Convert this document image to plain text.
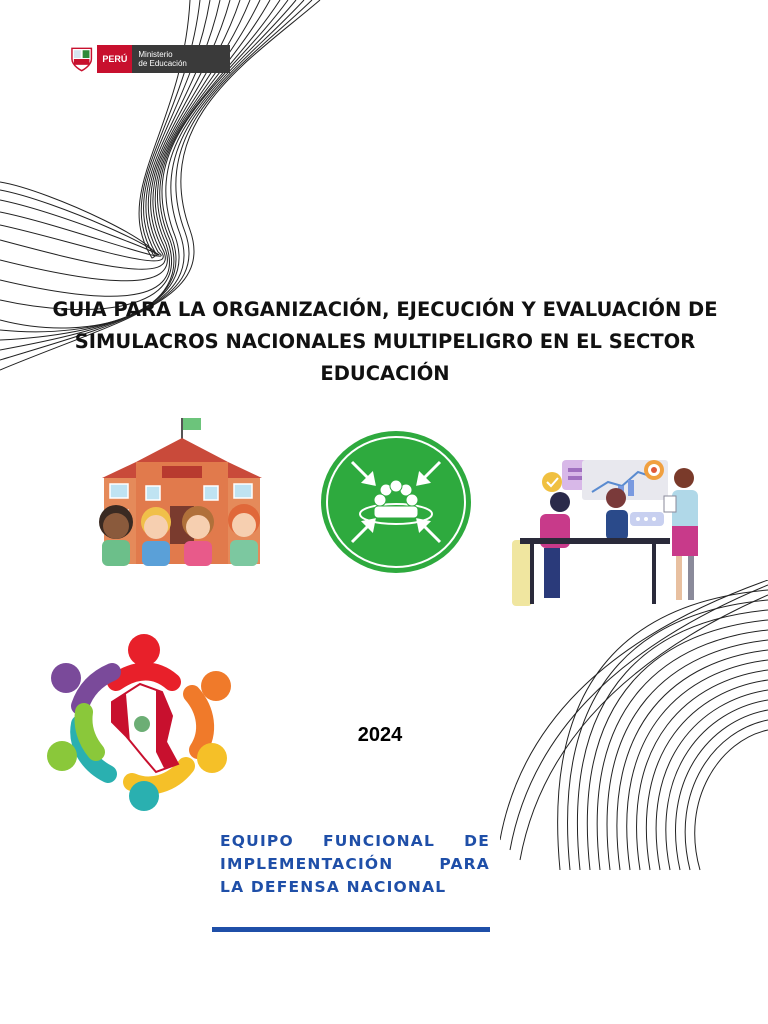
PERÚ	Ministerio
de Educación
GUIA PARA LA ORGANIZACIÓN, EJECUCIÓN Y EVALUACIÓN DE
SIMULACROS NACIONALES MULTIPELIGRO EN EL SECTOR
EDUCACIÓN
2024
EQUIPO FUNCIONAL DE
IMPLEMENTACIÓN PARA
LA DEFENSA NACIONAL
